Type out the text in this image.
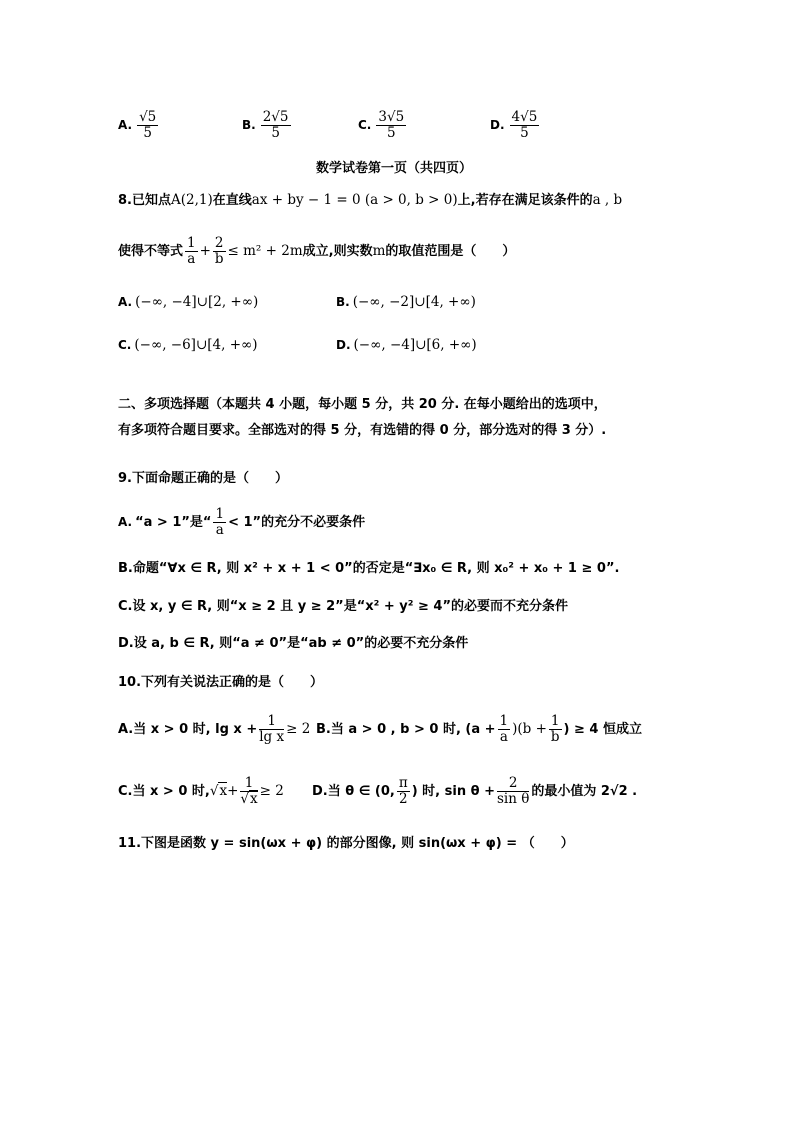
A. $\frac{√5}{5}$	B. $\frac{2√5}{5}$	C. $\frac{3√5}{5}$	D. $\frac{4√5}{5}$
数学试卷第一页（共四页）
8.已知点A(2,1)在直线ax + by − 1 = 0 (a > 0, b > 0)上,若存在满足该条件的a , b
使得不等式 $\frac{1}{a} + \frac{2}{b} \le m^2 + 2m$成立,则实数m的取值范围是（　　）
A. (−∞, −4]∪[2, +∞)	B. (−∞, −2]∪[4, +∞)
C. (−∞, −6]∪[4, +∞)	D. (−∞, −4]∪[6, +∞)
二、多项选择题（本题共 4 小题，每小题 5 分，共 20 分. 在每小题给出的选项中，
有多项符合题目要求。全部选对的得 5 分，有选错的得 0 分，部分选对的得 3 分）.
9.下面命题正确的是（　　）
A. “a > 1”是“ $\frac{1}{a} < 1$”的充分不必要条件
B.命题“∀x ∈ R, 则 x² + x + 1 < 0”的否定是“∃x₀ ∈ R, 则 x₀² + x₀ + 1 ≥ 0”.
C.设 x, y ∈ R, 则“x ≥ 2 且 y ≥ 2”是“x² + y² ≥ 4”的必要而不充分条件
D.设 a, b ∈ R, 则“a ≠ 0”是“ab ≠ 0”的必要不充分条件
10.下列有关说法正确的是（　　）
A.当 x > 0 时, $\lg x + \frac{1}{\text{lg x}} \ge 2$ B.当 a > 0 , b > 0 时, $(a + \frac{1}{a} )(b + \frac{1}{b}$ ) ≥ 4 恒成立
C.当 x > 0 时$,√x+ \frac{1}{√x} \ge 2$ D.当 θ ∈ (0, $\frac{\pi}{2}$ ) 时, $\sin \theta + \frac{2}{\text{sin θ}}$ 的最小值为 2√2 .
11.下图是函数 y = sin(ωx + φ) 的部分图像, 则 sin(ωx + φ) = （　　）
